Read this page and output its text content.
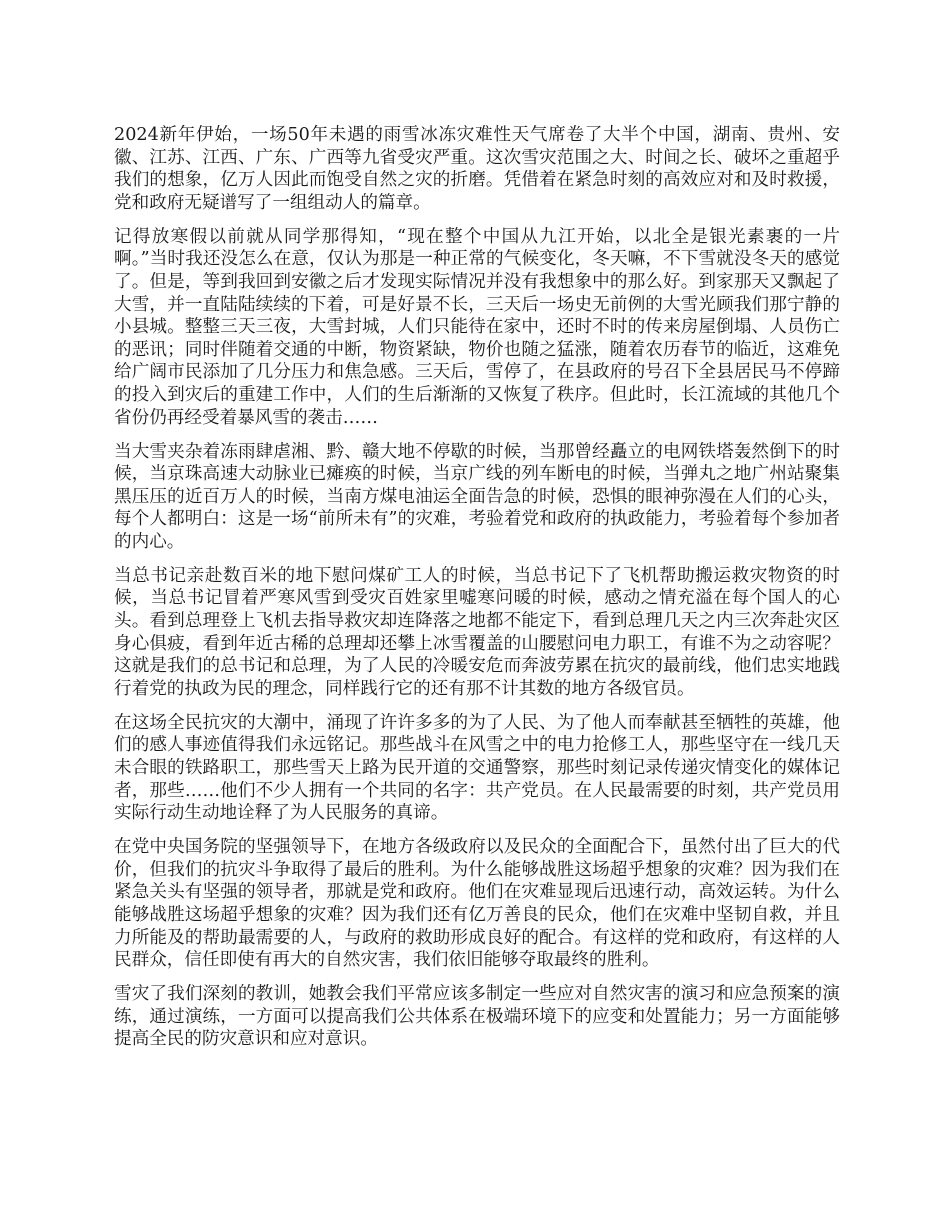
2024新年伊始，一场50年未遇的雨雪冰冻灾难性天气席卷了大半个中国，湖南、贵州、安徽、江苏、江西、广东、广西等九省受灾严重。这次雪灾范围之大、时间之长、破坏之重超乎我们的想象，亿万人因此而饱受自然之灾的折磨。凭借着在紧急时刻的高效应对和及时救援，党和政府无疑谱写了一组组动人的篇章。

记得放寒假以前就从同学那得知，“现在整个中国从九江开始，以北全是银光素裹的一片啊。”当时我还没怎么在意，仅认为那是一种正常的气候变化，冬天嘛，不下雪就没冬天的感觉了。但是，等到我回到安徽之后才发现实际情况并没有我想象中的那么好。到家那天又飘起了大雪，并一直陆陆续续的下着，可是好景不长，三天后一场史无前例的大雪光顾我们那宁静的小县城。整整三天三夜，大雪封城，人们只能待在家中，还时不时的传来房屋倒塌、人员伤亡的恶讯；同时伴随着交通的中断，物资紧缺，物价也随之猛涨，随着农历春节的临近，这难免给广阔市民添加了几分压力和焦急感。三天后，雪停了，在县政府的号召下全县居民马不停蹄的投入到灾后的重建工作中，人们的生后渐渐的又恢复了秩序。但此时，长江流域的其他几个省份仍再经受着暴风雪的袭击……

当大雪夹杂着冻雨肆虐湘、黔、赣大地不停歇的时候，当那曾经矗立的电网铁塔轰然倒下的时候，当京珠高速大动脉业已瘫痪的时候，当京广线的列车断电的时候，当弹丸之地广州站聚集黑压压的近百万人的时候，当南方煤电油运全面告急的时候，恐惧的眼神弥漫在人们的心头，每个人都明白：这是一场“前所未有”的灾难，考验着党和政府的执政能力，考验着每个参加者的内心。

当总书记亲赴数百米的地下慰问煤矿工人的时候，当总书记下了飞机帮助搬运救灾物资的时候，当总书记冒着严寒风雪到受灾百姓家里嘘寒问暖的时候，感动之情充溢在每个国人的心头。看到总理登上飞机去指导救灾却连降落之地都不能定下，看到总理几天之内三次奔赴灾区身心俱疲，看到年近古稀的总理却还攀上冰雪覆盖的山腰慰问电力职工，有谁不为之动容呢？这就是我们的总书记和总理，为了人民的冷暖安危而奔波劳累在抗灾的最前线，他们忠实地践行着党的执政为民的理念，同样践行它的还有那不计其数的地方各级官员。

在这场全民抗灾的大潮中，涌现了许许多多的为了人民、为了他人而奉献甚至牺牲的英雄，他们的感人事迹值得我们永远铭记。那些战斗在风雪之中的电力抢修工人，那些坚守在一线几天未合眼的铁路职工，那些雪天上路为民开道的交通警察，那些时刻记录传递灾情变化的媒体记者，那些……他们不少人拥有一个共同的名字：共产党员。在人民最需要的时刻，共产党员用实际行动生动地诠释了为人民服务的真谛。

在党中央国务院的坚强领导下，在地方各级政府以及民众的全面配合下，虽然付出了巨大的代价，但我们的抗灾斗争取得了最后的胜利。为什么能够战胜这场超乎想象的灾难？因为我们在紧急关头有坚强的领导者，那就是党和政府。他们在灾难显现后迅速行动，高效运转。为什么能够战胜这场超乎想象的灾难？因为我们还有亿万善良的民众，他们在灾难中坚韧自救，并且力所能及的帮助最需要的人，与政府的救助形成良好的配合。有这样的党和政府，有这样的人民群众，信任即使有再大的自然灾害，我们依旧能够夺取最终的胜利。

雪灾了我们深刻的教训，她教会我们平常应该多制定一些应对自然灾害的演习和应急预案的演练，通过演练，一方面可以提高我们公共体系在极端环境下的应变和处置能力；另一方面能够提高全民的防灾意识和应对意识。
